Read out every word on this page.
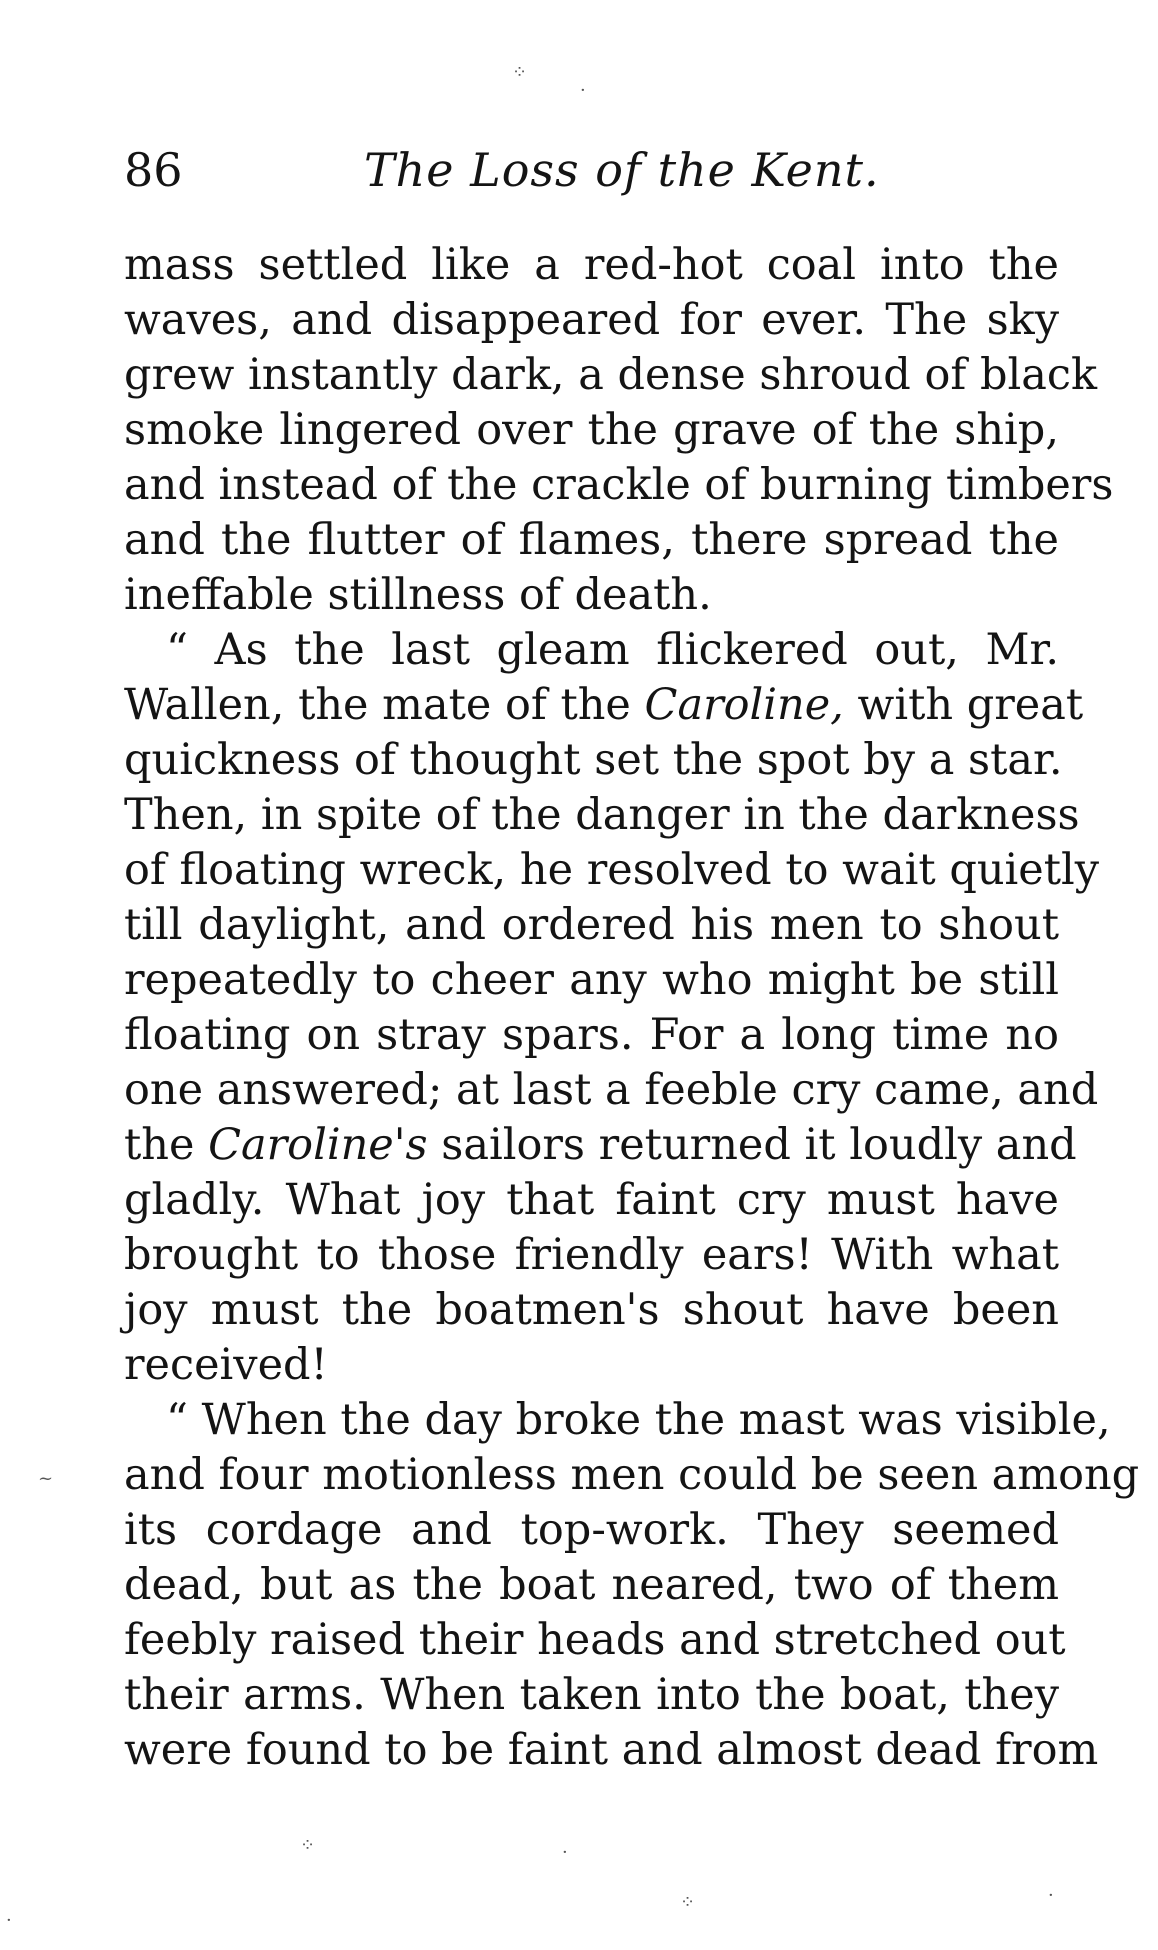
86	The Loss of the Kent.
mass settled like a red-hot coal into the
waves, and disappeared for ever. The sky
grew instantly dark, a dense shroud of black
smoke lingered over the grave of the ship,
and instead of the crackle of burning timbers
and the flutter of flames, there spread the
ineffable stillness of death.
“ As the last gleam flickered out, Mr.
Wallen, the mate of the Caroline, with great
quickness of thought set the spot by a star.
Then, in spite of the danger in the darkness
of floating wreck, he resolved to wait quietly
till daylight, and ordered his men to shout
repeatedly to cheer any who might be still
floating on stray spars. For a long time no
one answered; at last a feeble cry came, and
the Caroline's sailors returned it loudly and
gladly. What joy that faint cry must have
brought to those friendly ears! With what
joy must the boatmen's shout have been
received!
“ When the day broke the mast was visible,
and four motionless men could be seen among
its cordage and top-work. They seemed
dead, but as the boat neared, two of them
feebly raised their heads and stretched out
their arms. When taken into the boat, they
were found to be faint and almost dead from
⁘
·
~
⁘	·
⁘
·
·
